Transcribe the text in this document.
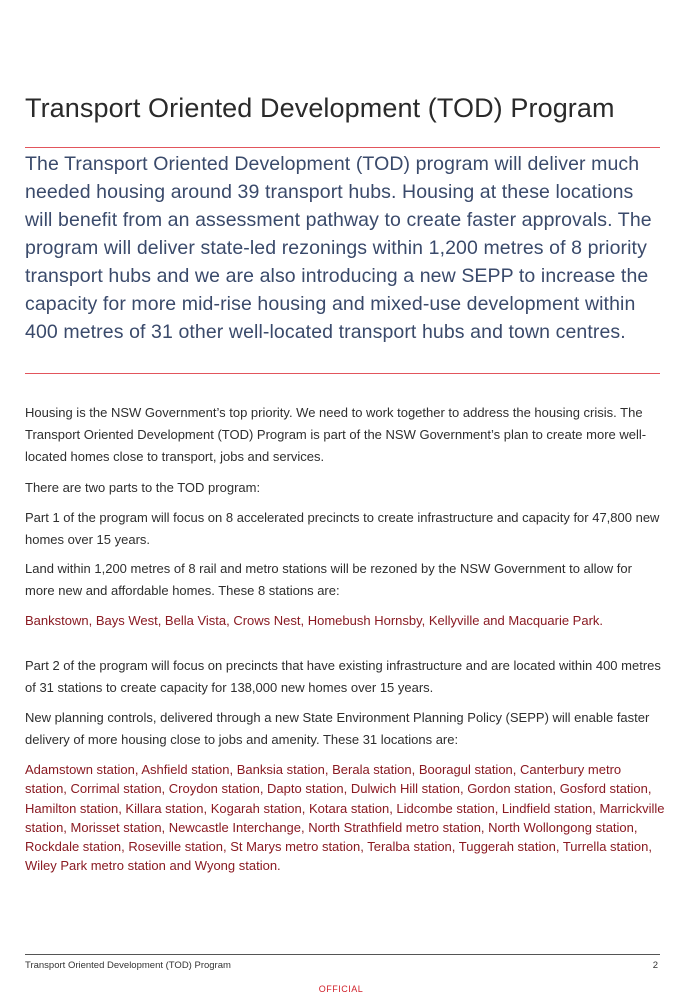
Transport Oriented Development (TOD) Program

The Transport Oriented Development (TOD) program will deliver much needed housing around 39 transport hubs. Housing at these locations will benefit from an assessment pathway to create faster approvals. The program will deliver state-led rezonings within 1,200 metres of 8 priority transport hubs and we are also introducing a new SEPP to increase the capacity for more mid-rise housing and mixed-use development within 400 metres of 31 other well-located transport hubs and town centres.

Housing is the NSW Government’s top priority. We need to work together to address the housing crisis. The Transport Oriented Development (TOD) Program is part of the NSW Government’s plan to create more well-located homes close to transport, jobs and services.

There are two parts to the TOD program:

Part 1 of the program will focus on 8 accelerated precincts to create infrastructure and capacity for 47,800 new homes over 15 years.

Land within 1,200 metres of 8 rail and metro stations will be rezoned by the NSW Government to allow for more new and affordable homes. These 8 stations are:

Bankstown, Bays West, Bella Vista, Crows Nest, Homebush Hornsby, Kellyville and Macquarie Park.

Part 2 of the program will focus on precincts that have existing infrastructure and are located within 400 metres of 31 stations to create capacity for 138,000 new homes over 15 years.

New planning controls, delivered through a new State Environment Planning Policy (SEPP) will enable faster delivery of more housing close to jobs and amenity. These 31 locations are:

Adamstown station, Ashfield station, Banksia station, Berala station, Booragul station, Canterbury metro station, Corrimal station, Croydon station, Dapto station, Dulwich Hill station, Gordon station, Gosford station, Hamilton station, Killara station, Kogarah station, Kotara station, Lidcombe station, Lindfield station, Marrickville station, Morisset station, Newcastle Interchange, North Strathfield metro station, North Wollongong station, Rockdale station, Roseville station, St Marys metro station, Teralba station, Tuggerah station, Turrella station, Wiley Park metro station and Wyong station.

Transport Oriented Development (TOD) Program	2
OFFICIAL
